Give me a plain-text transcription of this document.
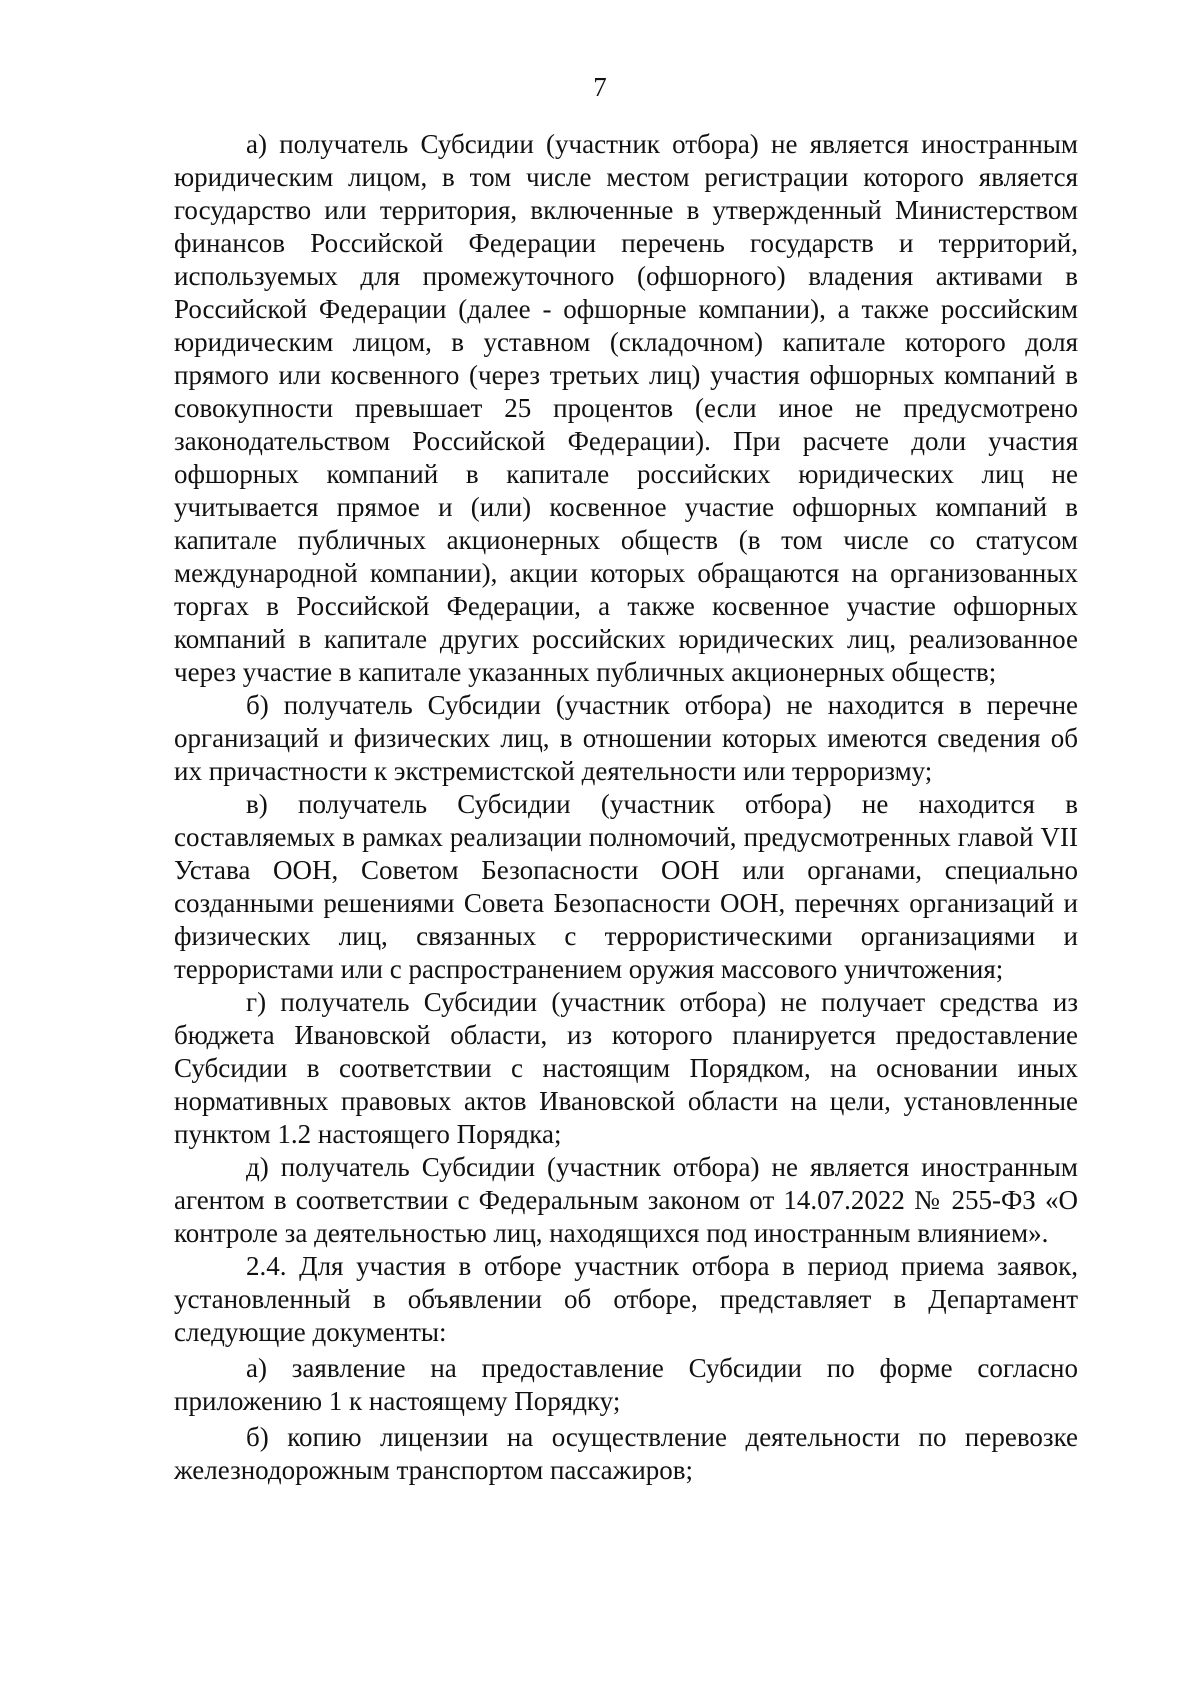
7

а) получатель Субсидии (участник отбора) не является иностранным юридическим лицом, в том числе местом регистрации которого является государство или территория, включенные в утвержденный Министерством финансов Российской Федерации перечень государств и территорий, используемых для промежуточного (офшорного) владения активами в Российской Федерации (далее - офшорные компании), а также российским юридическим лицом, в уставном (складочном) капитале которого доля прямого или косвенного (через третьих лиц) участия офшорных компаний в совокупности превышает 25 процентов (если иное не предусмотрено законодательством Российской Федерации). При расчете доли участия офшорных компаний в капитале российских юридических лиц не учитывается прямое и (или) косвенное участие офшорных компаний в капитале публичных акционерных обществ (в том числе со статусом международной компании), акции которых обращаются на организованных торгах в Российской Федерации, а также косвенное участие офшорных компаний в капитале других российских юридических лиц, реализованное через участие в капитале указанных публичных акционерных обществ;

б) получатель Субсидии (участник отбора) не находится в перечне организаций и физических лиц, в отношении которых имеются сведения об их причастности к экстремистской деятельности или терроризму;

в) получатель Субсидии (участник отбора) не находится в составляемых в рамках реализации полномочий, предусмотренных главой VII Устава ООН, Советом Безопасности ООН или органами, специально созданными решениями Совета Безопасности ООН, перечнях организаций и физических лиц, связанных с террористическими организациями и террористами или с распространением оружия массового уничтожения;

г) получатель Субсидии (участник отбора) не получает средства из бюджета Ивановской области, из которого планируется предоставление Субсидии в соответствии с настоящим Порядком, на основании иных нормативных правовых актов Ивановской области на цели, установленные пунктом 1.2 настоящего Порядка;

д) получатель Субсидии (участник отбора) не является иностранным агентом в соответствии с Федеральным законом от 14.07.2022 № 255-ФЗ «О контроле за деятельностью лиц, находящихся под иностранным влиянием».

2.4. Для участия в отборе участник отбора в период приема заявок, установленный в объявлении об отборе, представляет в Департамент следующие документы:

а) заявление на предоставление Субсидии по форме согласно приложению 1 к настоящему Порядку;

б) копию лицензии на осуществление деятельности по перевозке железнодорожным транспортом пассажиров;
